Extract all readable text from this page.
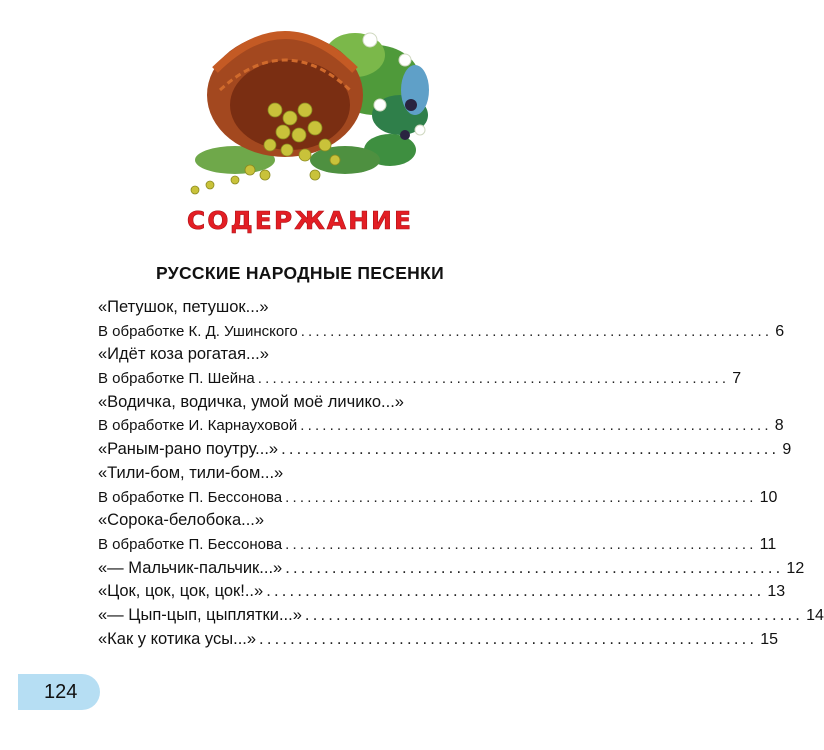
СОДЕРЖАНИЕ
РУССКИЕ НАРОДНЫЕ ПЕСЕНКИ
«Петушок, петушок...»
В обработке К. Д. Ушинского ................................................................ 6
«Идёт коза рогатая...»
В обработке П. Шейна ................................................................ 7
«Водичка, водичка, умой моё личико...»
В обработке И. Карнауховой ................................................................ 8
«Раным-рано поутру...» ................................................................ 9
«Тили-бом, тили-бом...»
В обработке П. Бессонова ................................................................ 10
«Сорока-белобока...»
В обработке П. Бессонова ................................................................ 11
«— Мальчик-пальчик...» ................................................................ 12
«Цок, цок, цок, цок!..» ................................................................ 13
«— Цып-цып, цыплятки...» ................................................................ 14
«Как у котика усы...» ................................................................ 15
124
